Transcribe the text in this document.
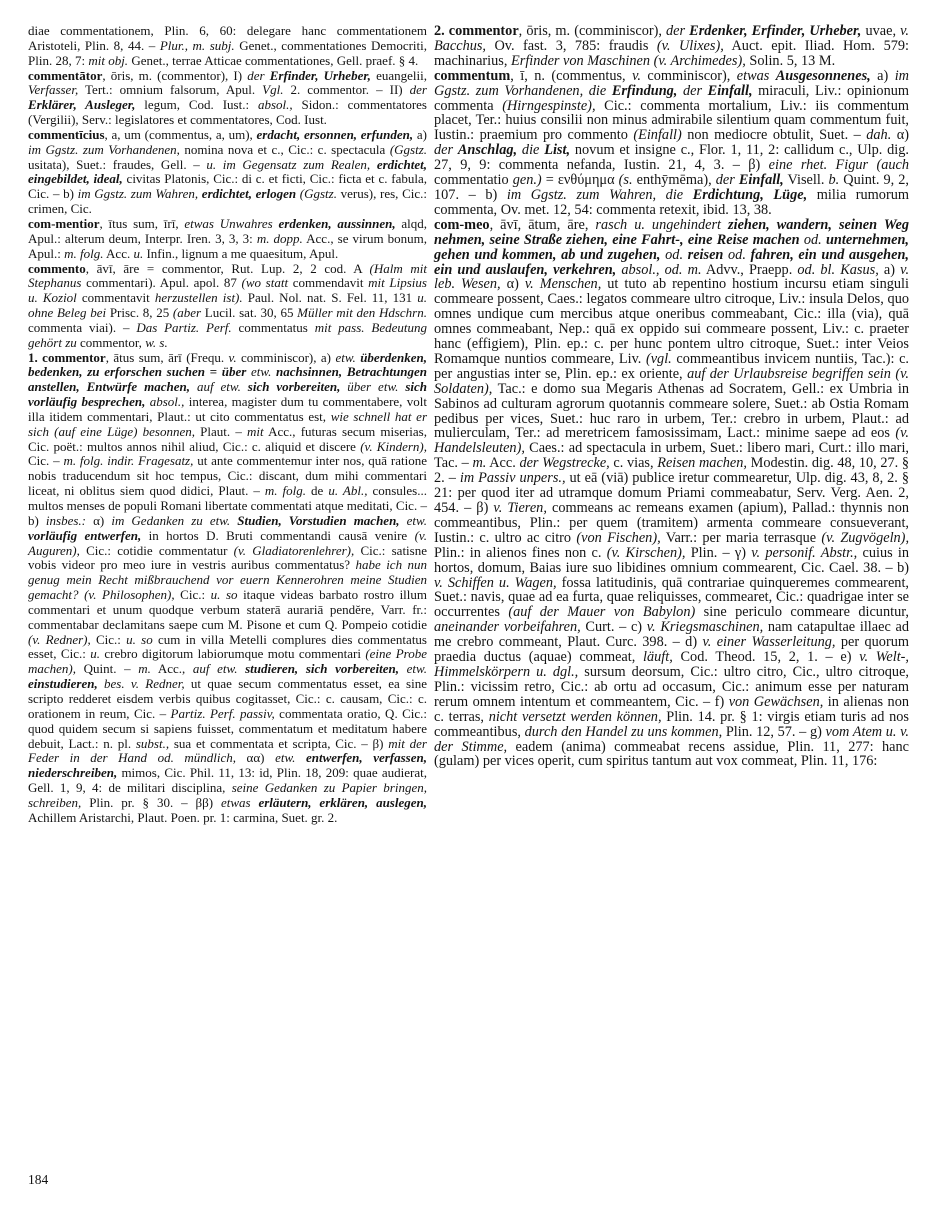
diae commentationem, Plin. 6, 60: delegare hanc commentationem Aristoteli, Plin. 8, 44. – Plur., m. subj. Genet., commentationes Democriti, Plin. 28, 7: mit obj. Genet., terrae Atticae commentationes, Gell. praef. § 4.

commentātor, ōris, m. (commentor), I) der Erfinder, Urheber, euangelii, Verfasser, Tert.: omnium falsorum, Apul. Vgl. 2. commentor. – II) der Erklärer, Ausleger, legum, Cod. Iust.: absol., Sidon.: commentatores (Vergilii), Serv.: legislatores et commentatores, Cod. Iust.

commentīcius, a, um (commentus, a, um), erdacht, ersonnen, erfunden, a) im Ggstz. zum Vorhandenen, nomina nova et c., Cic.: c. spectacula (Ggstz. usitata), Suet.: fraudes, Gell. – u. im Gegensatz zum Realen, erdichtet, eingebildet, ideal, civitas Platonis, Cic.: di c. et ficti, Cic.: ficta et c. fabula, Cic. – b) im Ggstz. zum Wahren, erdichtet, erlogen (Ggstz. verus), res, Cic.: crimen, Cic.

com-mentior, ītus sum, īrī, etwas Unwahres erdenken, aussinnen, alqd, Apul.: alterum deum, Interpr. Iren. 3, 3, 3: m. dopp. Acc., se virum bonum, Apul.: m. folg. Acc. u. Infin., lignum a me quaesitum, Apul.

commento, āvī, āre = commentor, Rut. Lup. 2, 2 cod. A (Halm mit Stephanus commentari). Apul. apol. 87 (wo statt commendavit mit Lipsius u. Koziol commentavit herzustellen ist). Paul. Nol. nat. S. Fel. 11, 131 u. ohne Beleg bei Prisc. 8, 25 (aber Lucil. sat. 30, 65 Müller mit den Hdschrn. commenta viai). – Das Partiz. Perf. commentatus mit pass. Bedeutung gehört zu commentor, w. s.

1. commentor, ātus sum, ārī (Frequ. v. comminiscor), a) etw. überdenken, bedenken, zu erforschen suchen = über etw. nachsinnen, Betrachtungen anstellen, Entwürfe machen, auf etw. sich vorbereiten, über etw. sich vorläufig besprechen, absol., interea, magister dum tu commentabere, volt illa itidem commentari, Plaut.: ut cito commentatus est, wie schnell hat er sich (auf eine Lüge) besonnen, Plaut. – mit Acc., futuras secum miserias, Cic. poët.: multos annos nihil aliud, Cic.: c. aliquid et discere (v. Kindern), Cic. – m. folg. indir. Fragesatz, ut ante commentemur inter nos, quā ratione nobis traducendum sit hoc tempus, Cic.: discant, dum mihi commentari liceat, ni oblitus siem quod didici, Plaut. – m. folg. de u. Abl., consules... multos menses de populi Romani libertate commentati atque meditati, Cic. – b) insbes.: α) im Gedanken zu etw. Studien, Vorstudien machen, etw. vorläufig entwerfen, in hortos D. Bruti commentandi causā venire (v. Auguren), Cic.: cotidie commentatur (v. Gladiatorenlehrer), Cic.: satisne vobis videor pro meo iure in vestris auribus commentatus? habe ich nun genug mein Recht mißbrauchend vor euern Kennerohren meine Studien gemacht? (v. Philosophen), Cic.: u. so itaque videas barbato rostro illum commentari et unum quodque verbum staterā aurariā pendĕre, Varr. fr.: commentabar declamitans saepe cum M. Pisone et cum Q. Pompeio cotidie (v. Redner), Cic.: u. so cum in villa Metelli complures dies commentatus esset, Cic.: u. crebro digitorum labiorumque motu commentari (eine Probe machen), Quint. – m. Acc., auf etw. studieren, sich vorbereiten, etw. einstudieren, bes. v. Redner, ut quae secum commentatus esset, ea sine scripto redderet eisdem verbis quibus cogitasset, Cic.: c. causam, Cic.: c. orationem in reum, Cic. – Partiz. Perf. passiv, commentata oratio, Q. Cic.: quod quidem secum si sapiens fuisset, commentatum et meditatum habere debuit, Lact.: n. pl. subst., sua et commentata et scripta, Cic. – β) mit der Feder in der Hand od. mündlich, αα) etw. entwerfen, verfassen, niederschreiben, mimos, Cic. Phil. 11, 13: id, Plin. 18, 209: quae audierat, Gell. 1, 9, 4: de militari disciplina, seine Gedanken zu Papier bringen, schreiben, Plin. pr. § 30. – ββ) etwas erläutern, erklären, auslegen, Achillem Aristarchi, Plaut. Poen. pr. 1: carmina, Suet. gr. 2.

2. commentor, ōris, m. (comminiscor), der Erdenker, Erfinder, Urheber, uvae, v. Bacchus, Ov. fast. 3, 785: fraudis (v. Ulixes), Auct. epit. Iliad. Hom. 579: machinarius, Erfinder von Maschinen (v. Archimedes), Solin. 5, 13 M.

commentum, ī, n. (commentus, v. comminiscor), etwas Ausgesonnenes, a) im Ggstz. zum Vorhandenen, die Erfindung, der Einfall, miraculi, Liv.: opinionum commenta (Hirngespinste), Cic.: commenta mortalium, Liv.: iis commentum placet, Ter.: huius consilii non minus admirabile silentium quam commentum fuit, Iustin.: praemium pro commento (Einfall) non mediocre obtulit, Suet. – dah. α) der Anschlag, die List, novum et insigne c., Flor. 1, 11, 2: callidum c., Ulp. dig. 27, 9, 9: commenta nefanda, Iustin. 21, 4, 3. – β) eine rhet. Figur (auch commentatio gen.) = ενθύμημα (s. enthȳmēma), der Einfall, Visell. b. Quint. 9, 2, 107. – b) im Ggstz. zum Wahren, die Erdichtung, Lüge, milia rumorum commenta, Ov. met. 12, 54: commenta retexit, ibid. 13, 38.

com-meo, āvī, ātum, āre, rasch u. ungehindert ziehen, wandern, seinen Weg nehmen, seine Straße ziehen, eine Fahrt-, eine Reise machen od. unternehmen, gehen und kommen, ab und zugehen, od. reisen od. fahren, ein und ausgehen, ein und auslaufen, verkehren, absol., od. m. Advv., Praepp. od. bl. Kasus, a) v. leb. Wesen, α) v. Menschen, ut tuto ab repentino hostium incursu etiam singuli commeare possent, Caes.: legatos commeare ultro citroque, Liv.: insula Delos, quo omnes undique cum mercibus atque oneribus commeabant, Cic.: illa (via), quā omnes commeabant, Nep.: quā ex oppido sui commeare possent, Liv.: c. praeter hanc (effigiem), Plin. ep.: c. per hunc pontem ultro citroque, Suet.: inter Veios Romamque nuntios commeare, Liv. (vgl. commeantibus invicem nuntiis, Tac.): c. per angustias inter se, Plin. ep.: ex oriente, auf der Urlaubsreise begriffen sein (v. Soldaten), Tac.: e domo sua Megaris Athenas ad Socratem, Gell.: ex Umbria in Sabinos ad culturam agrorum quotannis commeare solere, Suet.: ab Ostia Romam pedibus per vices, Suet.: huc raro in urbem, Ter.: crebro in urbem, Plaut.: ad mulierculam, Ter.: ad meretricem famosissimam, Lact.: minime saepe ad eos (v. Handelsleuten), Caes.: ad spectacula in urbem, Suet.: libero mari, Curt.: illo mari, Tac. – m. Acc. der Wegstrecke, c. vias, Reisen machen, Modestin. dig. 48, 10, 27. § 2. – im Passiv unpers., ut eā (viā) publice iretur commearetur, Ulp. dig. 43, 8, 2. § 21: per quod iter ad utramque domum Priami commeabatur, Serv. Verg. Aen. 2, 454. – β) v. Tieren, commeans ac remeans examen (apium), Pallad.: thynnis non commeantibus, Plin.: per quem (tramitem) armenta commeare consueverant, Iustin.: c. ultro ac citro (von Fischen), Varr.: per maria terrasque (v. Zugvögeln), Plin.: in alienos fines non c. (v. Kirschen), Plin. – γ) v. personif. Abstr., cuius in hortos, domum, Baias iure suo libidines omnium commearent, Cic. Cael. 38. – b) v. Schiffen u. Wagen, fossa latitudinis, quā contrariae quinqueremes commearent, Suet.: navis, quae ad ea furta, quae reliquisses, commearet, Cic.: quadrigae inter se occurrentes (auf der Mauer von Babylon) sine periculo commeare dicuntur, aneinander vorbeifahren, Curt. – c) v. Kriegsmaschinen, nam catapultae illaec ad me crebro commeant, Plaut. Curc. 398. – d) v. einer Wasserleitung, per quorum praedia ductus (aquae) commeat, läuft, Cod. Theod. 15, 2, 1. – e) v. Welt-, Himmelskörpern u. dgl., sursum deorsum, Cic.: ultro citro, Cic., ultro citroque, Plin.: vicissim retro, Cic.: ab ortu ad occasum, Cic.: animum esse per naturam rerum omnem intentum et commeantem, Cic. – f) von Gewächsen, in alienas non c. terras, nicht versetzt werden können, Plin. 14. pr. § 1: virgis etiam turis ad nos commeantibus, durch den Handel zu uns kommen, Plin. 12, 57. – g) vom Atem u. v. der Stimme, eadem (anima) commeabat recens assidue, Plin. 11, 277: hanc (gulam) per vices operit, cum spiritus tantum aut vox commeat, Plin. 11, 176:

184
